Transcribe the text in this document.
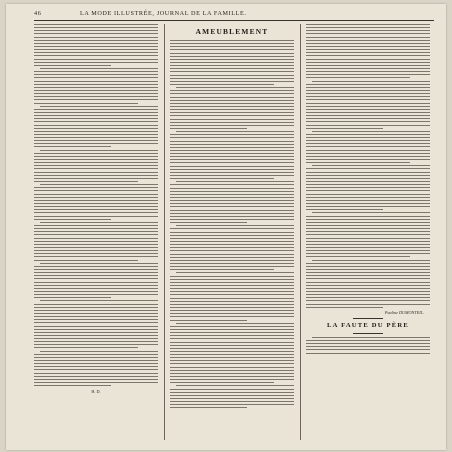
46	LA MODE ILLUSTRÉE, JOURNAL DE LA FAMILLE.
H. D.
AMEUBLEMENT
Pauline DUMONTEIL.
LA FAUTE DU PÈRE
